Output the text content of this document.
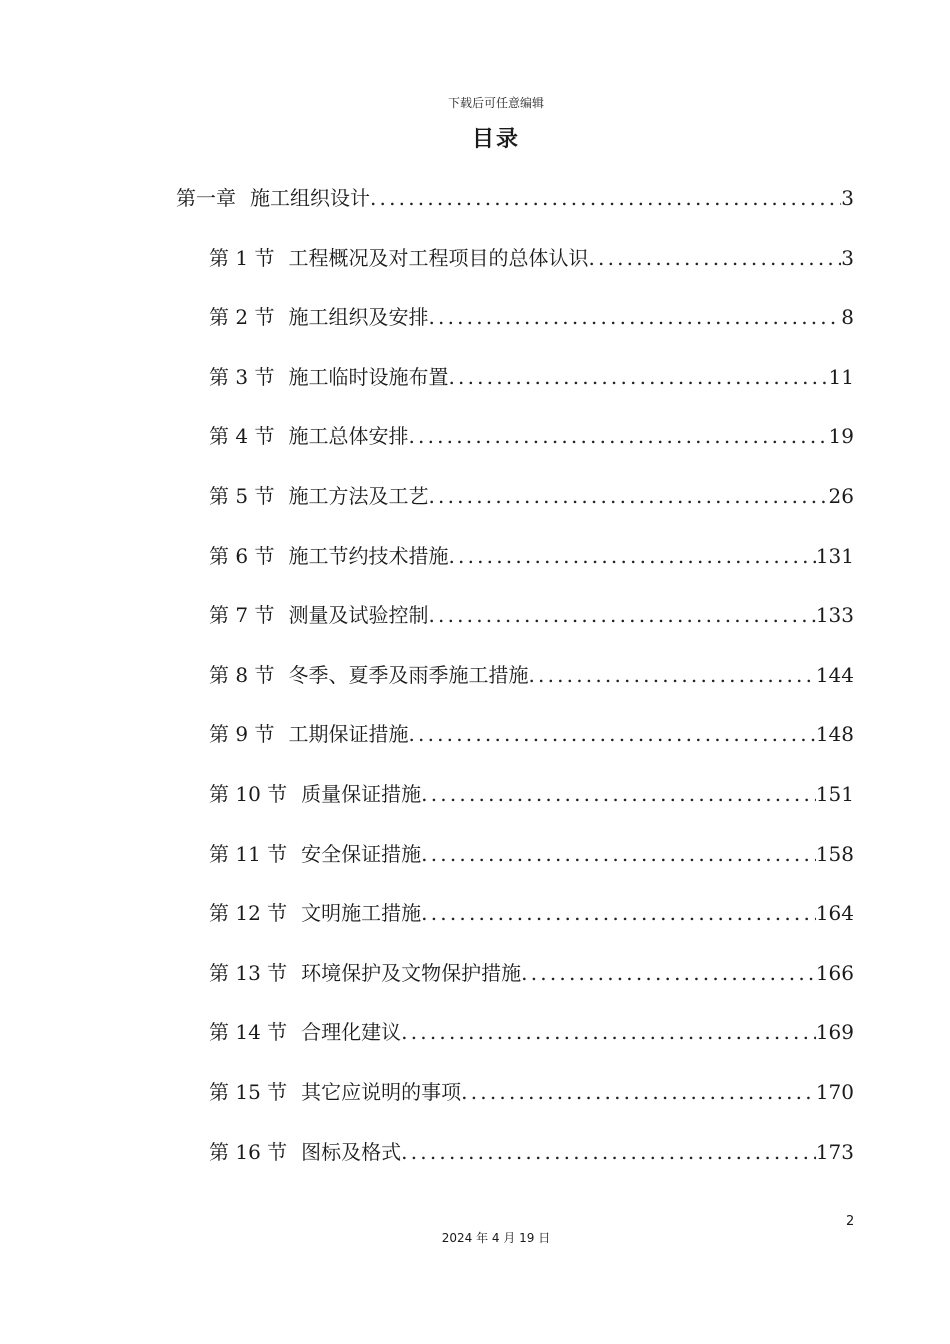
下载后可任意编辑
目录
第一章 施工组织设计 .....	3
第 1 节 工程概况及对工程项目的总体认识 .....	3
第 2 节 施工组织及安排 .....	8
第 3 节 施工临时设施布置 .....	11
第 4 节 施工总体安排 .....	19
第 5 节 施工方法及工艺 .....	26
第 6 节 施工节约技术措施 .....	131
第 7 节 测量及试验控制 .....	133
第 8 节 冬季、夏季及雨季施工措施 .....	144
第 9 节 工期保证措施 .....	148
第 10 节 质量保证措施 .....	151
第 11 节 安全保证措施 .....	158
第 12 节 文明施工措施 .....	164
第 13 节 环境保护及文物保护措施 .....	166
第 14 节 合理化建议 .....	169
第 15 节 其它应说明的事项 .....	170
第 16 节 图标及格式 .....	173
2
2024 年 4 月 19 日
